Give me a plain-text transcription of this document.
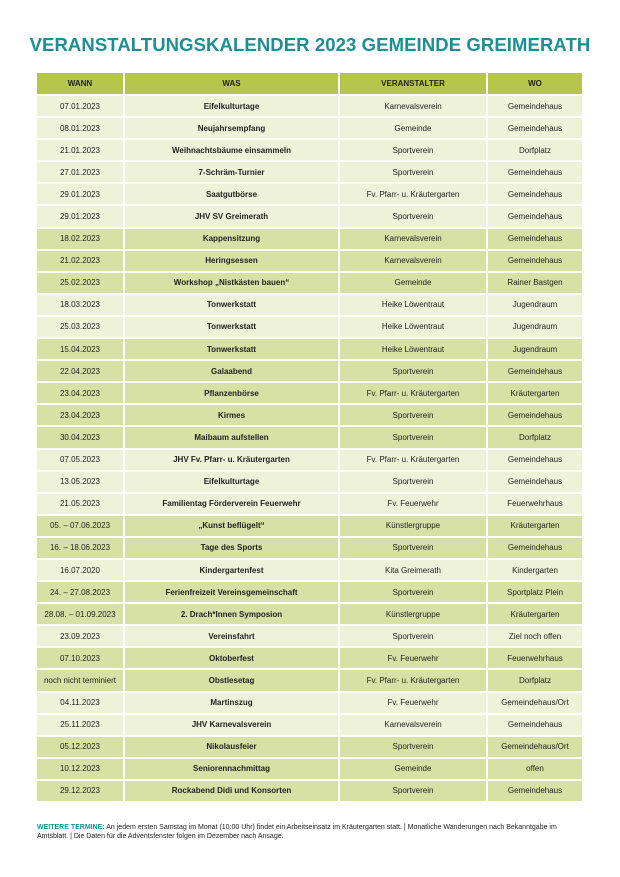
VERANSTALTUNGSKALENDER 2023 GEMEINDE GREIMERATH
WANN	WAS	VERANSTALTER	WO
07.01.2023	Eifelkulturtage	Karnevalsverein	Gemeindehaus
08.01.2023	Neujahrsempfang	Gemeinde	Gemeindehaus
21.01.2023	Weihnachtsbäume einsammeln	Sportverein	Dorfplatz
27.01.2023	7-Schräm-Turnier	Sportverein	Gemeindehaus
29.01.2023	Saatgutbörse	Fv. Pfarr- u. Kräutergarten	Gemeindehaus
29.01.2023	JHV SV Greimerath	Sportverein	Gemeindehaus
18.02.2023	Kappensitzung	Karnevalsverein	Gemeindehaus
21.02.2023	Heringsessen	Karnevalsverein	Gemeindehaus
25.02.2023	Workshop „Nistkästen bauen“	Gemeinde	Rainer Bastgen
18.03.2023	Tonwerkstatt	Heike Löwentraut	Jugendraum
25.03.2023	Tonwerkstatt	Heike Löwentraut	Jugendraum
15.04.2023	Tonwerkstatt	Heike Löwentraut	Jugendraum
22.04.2023	Galaabend	Sportverein	Gemeindehaus
23.04.2023	Pflanzenbörse	Fv. Pfarr- u. Kräutergarten	Kräutergarten
23.04.2023	Kirmes	Sportverein	Gemeindehaus
30.04.2023	Maibaum aufstellen	Sportverein	Dorfplatz
07.05.2023	JHV Fv. Pfarr- u. Kräutergarten	Fv. Pfarr- u. Kräutergarten	Gemeindehaus
13.05.2023	Eifelkulturtage	Sportverein	Gemeindehaus
21.05.2023	Familientag Förderverein Feuerwehr	Fv. Feuerwehr	Feuerwehrhaus
05. – 07.06.2023	„Kunst beflügelt“	Künstlergruppe	Kräutergarten
16. – 18.06.2023	Tage des Sports	Sportverein	Gemeindehaus
16.07.2020	Kindergartenfest	Kita Greimerath	Kindergarten
24. – 27.08.2023	Ferienfreizeit Vereinsgemeinschaft	Sportverein	Sportplatz Plein
28.08. – 01.09.2023	2. Drach*Innen Symposion	Künstlergruppe	Kräutergarten
23.09.2023	Vereinsfahrt	Sportverein	Ziel noch offen
07.10.2023	Oktoberfest	Fv. Feuerwehr	Feuerwehrhaus
noch nicht terminiert	Obstlesetag	Fv. Pfarr- u. Kräutergarten	Dorfplatz
04.11.2023	Martinszug	Fv. Feuerwehr	Gemeindehaus/Ort
25.11.2023	JHV Karnevalsverein	Karnevalsverein	Gemeindehaus
05.12.2023	Nikolausfeier	Sportverein	Gemeindehaus/Ort
10.12.2023	Seniorennachmittag	Gemeinde	offen
29.12.2023	Rockabend Didi und Konsorten	Sportverein	Gemeindehaus
WEITERE TERMINE: An jedem ersten Samstag im Monat (10:00 Uhr) findet ein Arbeitseinsatz im Kräutergarten statt. | Monatliche Wanderungen nach Bekanntgabe im Amtsblatt. | Die Daten für die Adventsfenster folgen im Dezember nach Ansage.
